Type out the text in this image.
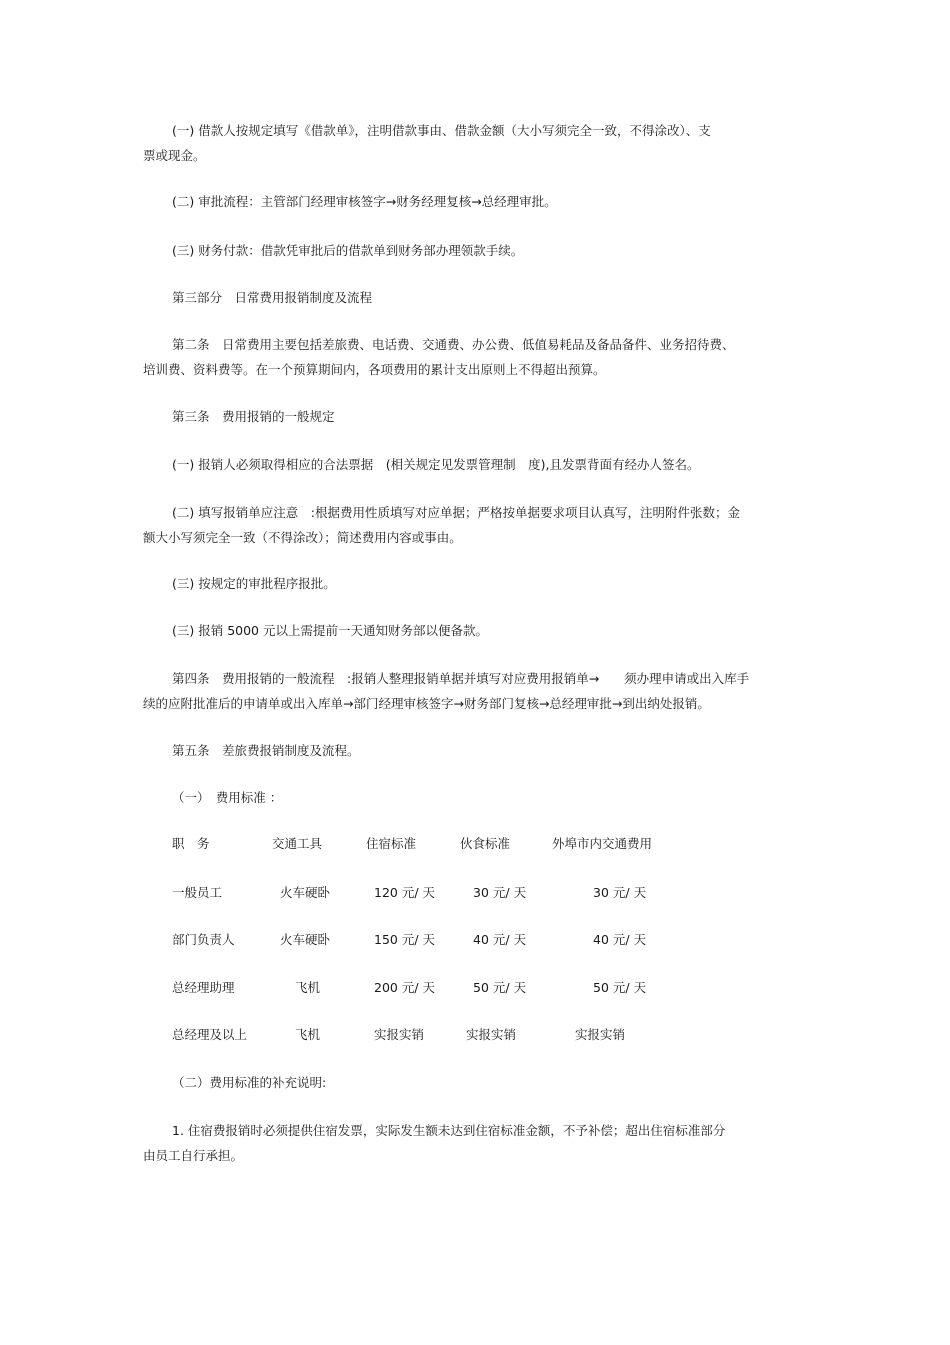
(一) 借款人按规定填写《借款单》，注明借款事由、借款金额（大小写须完全一致，不得涂改）、支
票或现金。
(二) 审批流程：主管部门经理审核签字→财务经理复核→总经理审批。
(三) 财务付款：借款凭审批后的借款单到财务部办理领款手续。
第三部分　日常费用报销制度及流程
第二条　日常费用主要包括差旅费、电话费、交通费、办公费、低值易耗品及备品备件、业务招待费、
培训费、资料费等。在一个预算期间内，各项费用的累计支出原则上不得超出预算。
第三条　费用报销的一般规定
(一) 报销人必须取得相应的合法票据　(相关规定见发票管理制　度),且发票背面有经办人签名。
(二) 填写报销单应注意　:根据费用性质填写对应单据；严格按单据要求项目认真写，注明附件张数；金
额大小写须完全一致（不得涂改）；简述费用内容或事由。
(三) 按规定的审批程序报批。
(三) 报销 5000 元以上需提前一天通知财务部以便备款。
第四条　费用报销的一般流程　:报销人整理报销单据并填写对应费用报销单→　　须办理申请或出入库手
续的应附批准后的申请单或出入库单→部门经理审核签字→财务部门复核→总经理审批→到出纳处报销。
第五条　差旅费报销制度及流程。
（一）　费用标准 ：
职　务	交通工具	住宿标准	伙食标准	外埠市内交通费用
一般员工	火车硬卧	120 元/ 天	30 元/ 天	30 元/ 天
部门负责人	火车硬卧	150 元/ 天	40 元/ 天	40 元/ 天
总经理助理	飞机	200 元/ 天	50 元/ 天	50 元/ 天
总经理及以上	飞机	实报实销	实报实销	实报实销
（二）费用标准的补充说明:
1. 住宿费报销时必须提供住宿发票，实际发生额未达到住宿标准金额，不予补偿；超出住宿标准部分
由员工自行承担。
